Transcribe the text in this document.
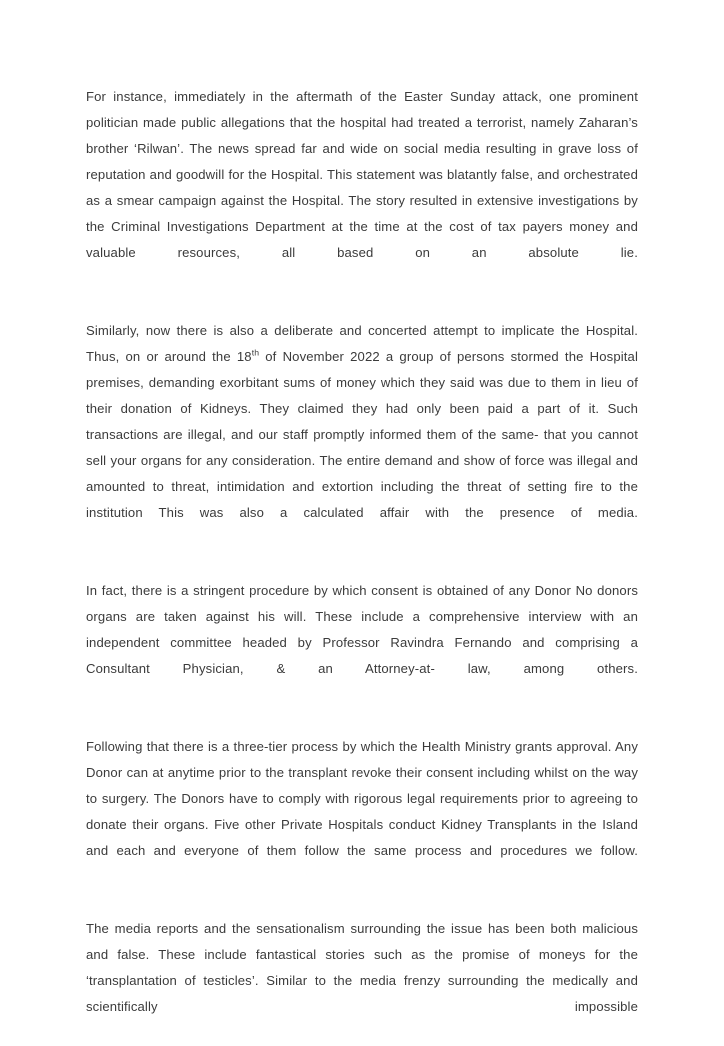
For instance, immediately in the aftermath of the Easter Sunday attack, one prominent politician made public allegations that the hospital had treated a terrorist, namely Zaharan’s brother ‘Rilwan’. The news spread far and wide on social media resulting in grave loss of reputation and goodwill for the Hospital. This statement was blatantly false, and orchestrated as a smear campaign against the Hospital. The story resulted in extensive investigations by the Criminal Investigations Department at the time at the cost of tax payers money and valuable resources, all based on an absolute lie.

Similarly, now there is also a deliberate and concerted attempt to implicate the Hospital. Thus, on or around the 18th of November 2022 a group of persons stormed the Hospital premises, demanding exorbitant sums of money which they said was due to them in lieu of their donation of Kidneys. They claimed they had only been paid a part of it. Such transactions are illegal, and our staff promptly informed them of the same- that you cannot sell your organs for any consideration. The entire demand and show of force was illegal and amounted to threat, intimidation and extortion including the threat of setting fire to the institution This was also a calculated affair with the presence of media.

In fact, there is a stringent procedure by which consent is obtained of any Donor No donors organs are taken against his will. These include a comprehensive interview with an independent committee headed by Professor Ravindra Fernando and comprising a Consultant Physician, & an Attorney-at- law, among others.

Following that there is a three-tier process by which the Health Ministry grants approval. Any Donor can at anytime prior to the transplant revoke their consent including whilst on the way to surgery. The Donors have to comply with rigorous legal requirements prior to agreeing to donate their organs. Five other Private Hospitals conduct Kidney Transplants in the Island and each and everyone of them follow the same process and procedures we follow.

The media reports and the sensationalism surrounding the issue has been both malicious and false. These include fantastical stories such as the promise of moneys for the ‘transplantation of testicles’. Similar to the media frenzy surrounding the medically and scientifically impossible
